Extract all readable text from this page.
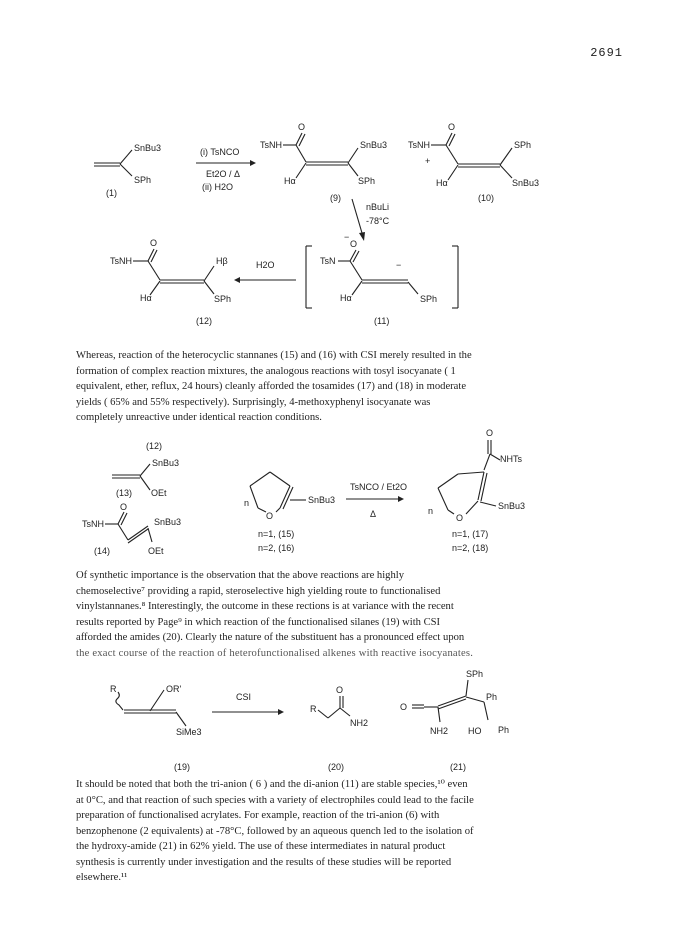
2691
SnBu3
SPh
(1)
(i) TsNCO
Et2O / Δ
(ii) H2O
TsNH
O
Hα
SnBu3
SPh
(9)
+
TsNH
O
Hα
SPh
SnBu3
(10)
nBuLi
-78°C
TsNH
O
Hα
Hβ
SPh
(12)
H2O	TsN
O
−
Hα
−
SPh
(11)
(12)
SnBu3
OEt
(13)
TsNH
O
SnBu3
OEt
(14)
O
n	SnBu3
n=1, (15)
n=2, (16)
TsNCO / Et2O
Δ
O
NHTs
O
SnBu3
n
n=1, (17)
n=2, (18)
R	OR'
SiMe3
(19)
CSI
R
O
NH2
(20)
SPh
O
NH2
Ph
HO Ph
(21)
Whereas, reaction of the heterocyclic stannanes (15) and (16) with CSI merely resulted in the
formation of complex reaction mixtures, the analogous reactions with tosyl isocyanate ( 1
equivalent, ether, reflux, 24 hours) cleanly afforded the tosamides (17) and (18) in moderate
yields ( 65% and 55% respectively). Surprisingly, 4-methoxyphenyl isocyanate was
completely unreactive under identical reaction conditions.
Of synthetic importance is the observation that the above reactions are highly
chemoselective⁷ providing a rapid, steroselective high yielding route to functionalised
vinylstannanes.⁸ Interestingly, the outcome in these rections is at variance with the recent
results reported by Page⁹ in which reaction of the functionalised silanes (19) with CSI
afforded the amides (20). Clearly the nature of the substituent has a pronounced effect upon
the exact course of the reaction of heterofunctionalised alkenes with reactive isocyanates.
It should be noted that both the tri-anion ( 6 ) and the di-anion (11) are stable species,¹⁰ even
at 0°C, and that reaction of such species with a variety of electrophiles could lead to the facile
preparation of functionalised acrylates. For example, reaction of the tri-anion (6) with
benzophenone (2 equivalents) at -78°C, followed by an aqueous quench led to the isolation of
the hydroxy-amide (21) in 62% yield. The use of these intermediates in natural product
synthesis is currently under investigation and the results of these studies will be reported
elsewhere.¹¹
